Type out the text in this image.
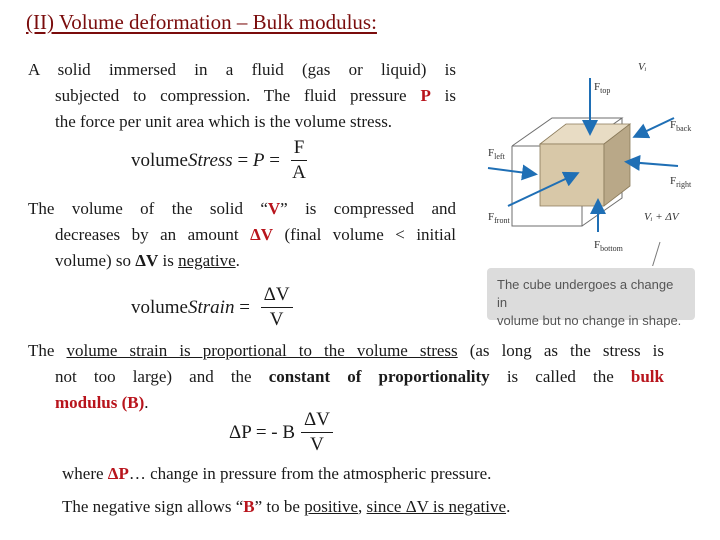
(II) Volume deformation – Bulk modulus:
A solid immersed in a fluid (gas or liquid) is
subjected to compression. The fluid pressure P is
the force per unit area which is the volume stress.
volume Stress = $P = \frac{F}{A}$
The volume of the solid “V” is compressed and
decreases by an amount ΔV (final volume < initial
volume) so ΔV is negative.
volume Strain = $\frac{\Delta V}{V}$
The volume strain is proportional to the volume stress (as long as the stress is
not too large) and the constant of proportionality is called the bulk
modulus (B).
ΔP = - B $\frac{\Delta V}{V}$
where ΔP… change in pressure from the atmospheric pressure.
The negative sign allows “B” to be positive, since ΔV is negative.
Vᵢ
$F_{top}$
$F_{back}$
$F_{left}$
$F_{right}$
$F_{front}$	Vᵢ + ΔV
$F_{bottom}$
The cube undergoes a change in
volume but no change in shape.
